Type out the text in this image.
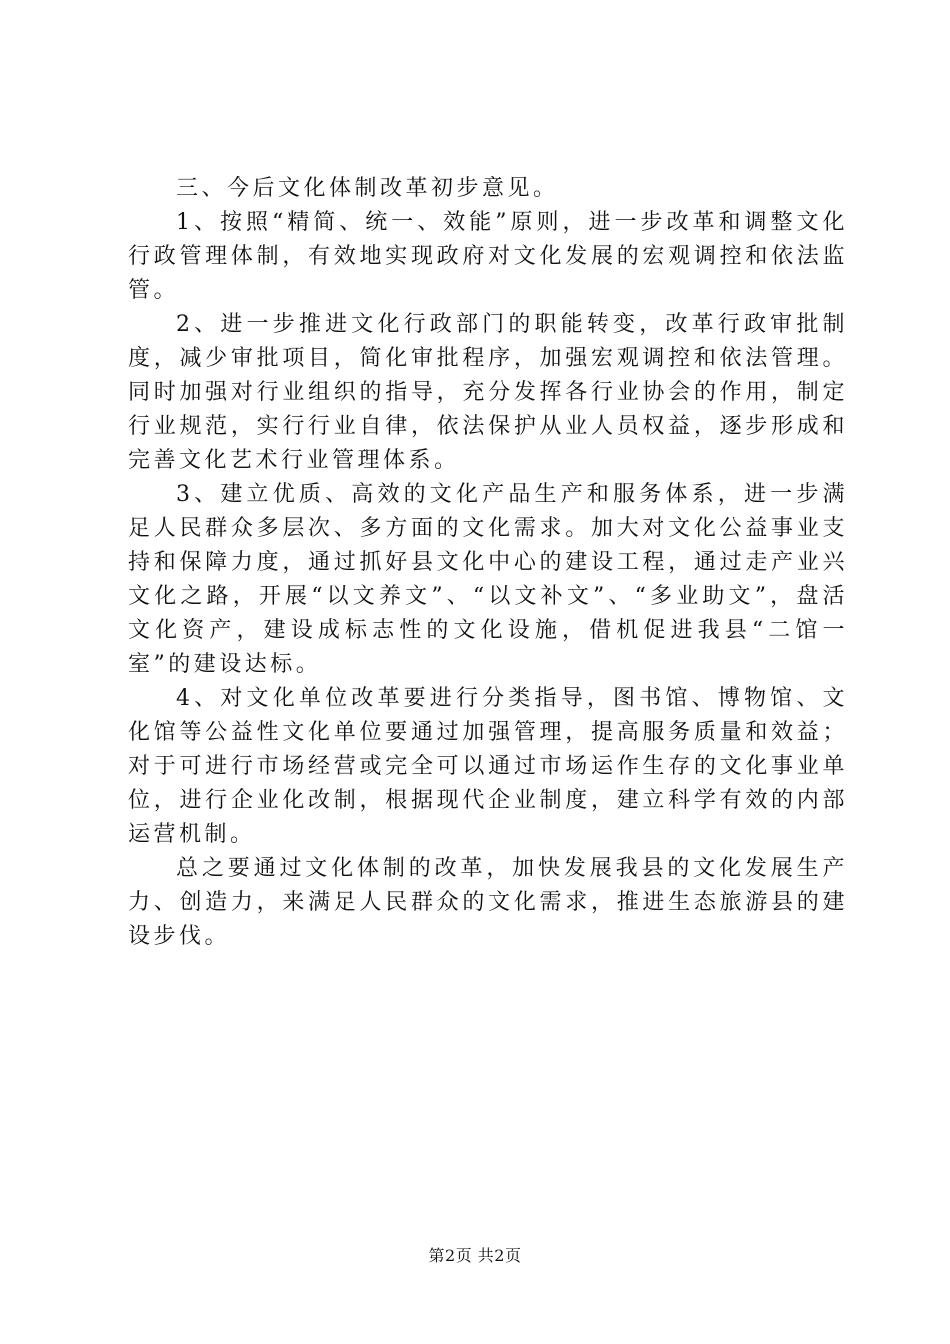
三、今后文化体制改革初步意见。

1、按照“精简、统一、效能”原则，进一步改革和调整文化行政管理体制，有效地实现政府对文化发展的宏观调控和依法监管。

2、进一步推进文化行政部门的职能转变，改革行政审批制度，减少审批项目，简化审批程序，加强宏观调控和依法管理。同时加强对行业组织的指导，充分发挥各行业协会的作用，制定行业规范，实行行业自律，依法保护从业人员权益，逐步形成和完善文化艺术行业管理体系。

3、建立优质、高效的文化产品生产和服务体系，进一步满足人民群众多层次、多方面的文化需求。加大对文化公益事业支持和保障力度，通过抓好县文化中心的建设工程，通过走产业兴文化之路，开展“以文养文”、“以文补文”、“多业助文”，盘活文化资产，建设成标志性的文化设施，借机促进我县“二馆一室”的建设达标。

4、对文化单位改革要进行分类指导，图书馆、博物馆、文化馆等公益性文化单位要通过加强管理，提高服务质量和效益；对于可进行市场经营或完全可以通过市场运作生存的文化事业单位，进行企业化改制，根据现代企业制度，建立科学有效的内部运营机制。

总之要通过文化体制的改革，加快发展我县的文化发展生产力、创造力，来满足人民群众的文化需求，推进生态旅游县的建设步伐。

第2页 共2页
